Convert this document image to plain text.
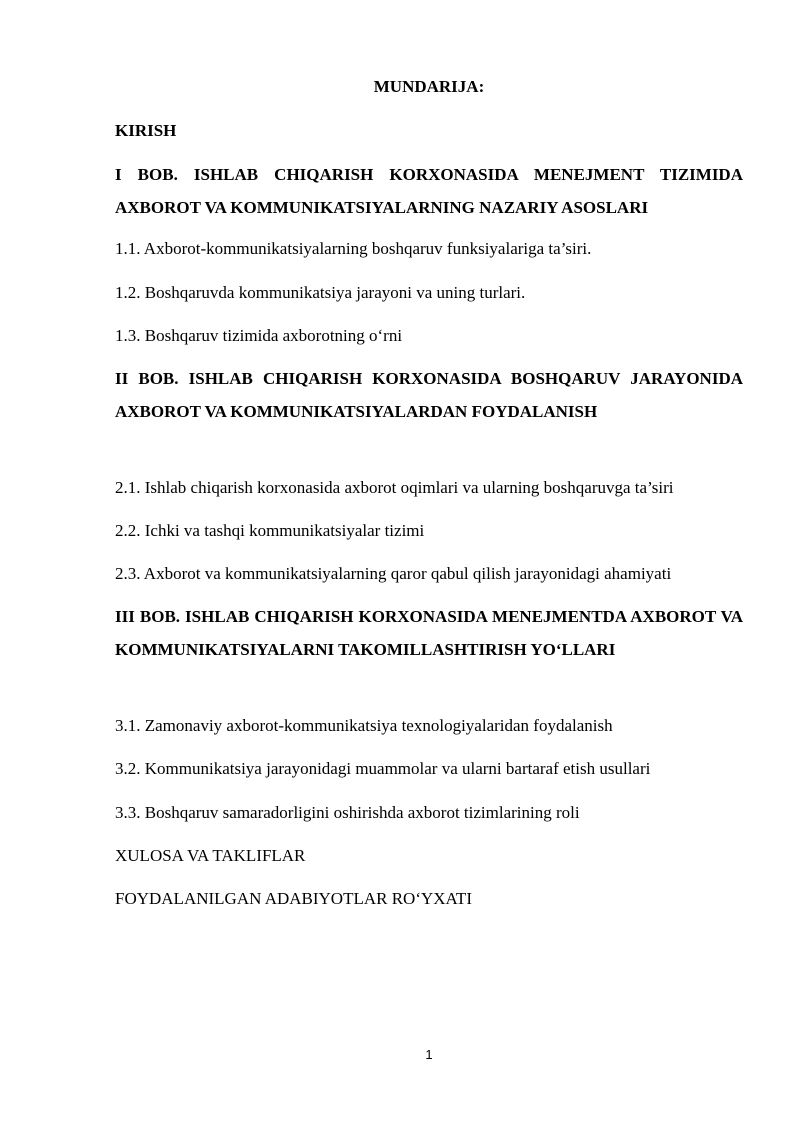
MUNDARIJA:

KIRISH

I BOB. ISHLAB CHIQARISH KORXONASIDA MENEJMENT TIZIMIDA AXBOROT VA KOMMUNIKATSIYALARNING NAZARIY ASOSLARI

1.1. Axborot-kommunikatsiyalarning boshqaruv funksiyalariga ta’siri.

1.2. Boshqaruvda kommunikatsiya jarayoni va uning turlari.

1.3. Boshqaruv tizimida axborotning o‘rni

II BOB. ISHLAB CHIQARISH KORXONASIDA BOSHQARUV JARAYONIDA AXBOROT VA KOMMUNIKATSIYALARDAN FOYDALANISH

2.1. Ishlab chiqarish korxonasida axborot oqimlari va ularning boshqaruvga ta’siri

2.2. Ichki va tashqi kommunikatsiyalar tizimi

2.3. Axborot va kommunikatsiyalarning qaror qabul qilish jarayonidagi ahamiyati

III BOB. ISHLAB CHIQARISH KORXONASIDA MENEJMENTDA AXBOROT VA KOMMUNIKATSIYALARNI TAKOMILLASHTIRISH YO‘LLARI

3.1. Zamonaviy axborot-kommunikatsiya texnologiyalaridan foydalanish

3.2. Kommunikatsiya jarayonidagi muammolar va ularni bartaraf etish usullari

3.3. Boshqaruv samaradorligini oshirishda axborot tizimlarining roli

XULOSA VA TAKLIFLAR

FOYDALANILGAN ADABIYOTLAR RO‘YXATI

1
